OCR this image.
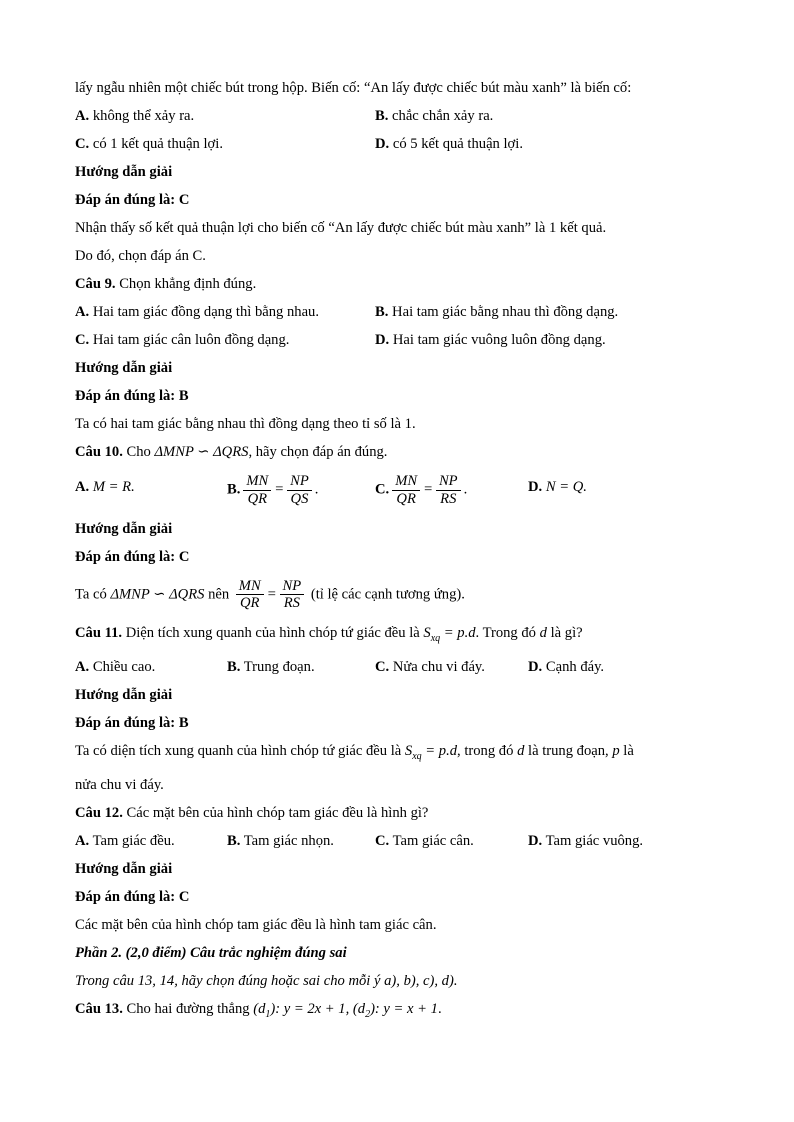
lấy ngẫu nhiên một chiếc bút trong hộp. Biến cố: “An lấy được chiếc bút màu xanh” là biến cố:

A. không thể xảy ra.	B. chắc chắn xảy ra.
C. có 1 kết quả thuận lợi.	D. có 5 kết quả thuận lợi.

Hướng dẫn giải

Đáp án đúng là: C

Nhận thấy số kết quả thuận lợi cho biến cố “An lấy được chiếc bút màu xanh” là 1 kết quả.

Do đó, chọn đáp án C.

Câu 9. Chọn khẳng định đúng.

A. Hai tam giác đồng dạng thì bằng nhau.	B. Hai tam giác bằng nhau thì đồng dạng.
C. Hai tam giác cân luôn đồng dạng.	D. Hai tam giác vuông luôn đồng dạng.

Hướng dẫn giải

Đáp án đúng là: B

Ta có hai tam giác bằng nhau thì đồng dạng theo tỉ số là 1.

Câu 10. Cho ΔMNP ∽ ΔQRS, hãy chọn đáp án đúng.

A. M = R.	B. $\frac{MN}{QR} = \frac{NP}{QS}$ .	C. $\frac{MN}{QR} = \frac{NP}{RS}$ .	D. N = Q.

Hướng dẫn giải

Đáp án đúng là: C

Ta có ΔMNP ∽ ΔQRS nên $\frac{MN}{QR} = \frac{NP}{RS}$ (tỉ lệ các cạnh tương ứng).

Câu 11. Diện tích xung quanh của hình chóp tứ giác đều là $S_{xq} = p.d$. Trong đó d là gì?

A. Chiều cao.	B. Trung đoạn.	C. Nửa chu vi đáy.	D. Cạnh đáy.

Hướng dẫn giải

Đáp án đúng là: B

Ta có diện tích xung quanh của hình chóp tứ giác đều là $S_{xq} = p.d$, trong đó d là trung đoạn, p là

nửa chu vi đáy.

Câu 12. Các mặt bên của hình chóp tam giác đều là hình gì?

A. Tam giác đều.	B. Tam giác nhọn.	C. Tam giác cân.	D. Tam giác vuông.

Hướng dẫn giải

Đáp án đúng là: C

Các mặt bên của hình chóp tam giác đều là hình tam giác cân.

Phần 2. (2,0 điểm) Câu trắc nghiệm đúng sai

Trong câu 13, 14, hãy chọn đúng hoặc sai cho mỗi ý a), b), c), d).

Câu 13. Cho hai đường thẳng $(d_1)$: y = 2x + 1, $(d_2)$: y = x + 1.
